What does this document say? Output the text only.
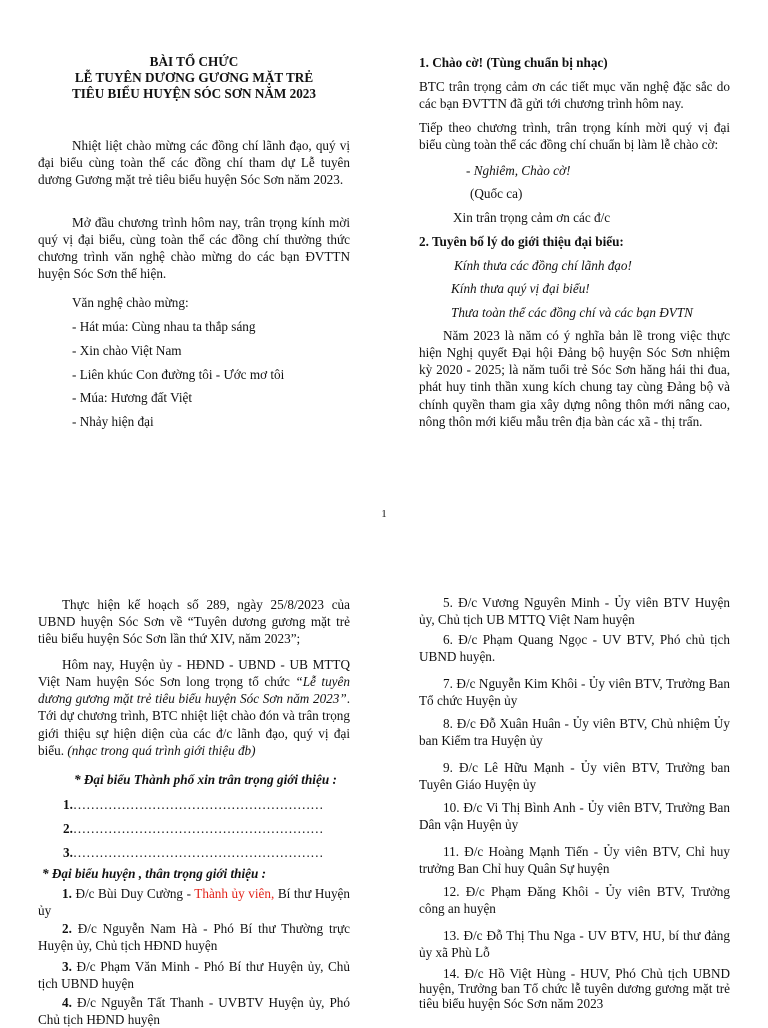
BÀI TỔ CHỨC
LỄ TUYÊN DƯƠNG GƯƠNG MẶT TRẺ
TIÊU BIỂU HUYỆN SÓC SƠN NĂM 2023

Nhiệt liệt chào mừng các đồng chí lãnh đạo, quý vị đại biểu cùng toàn thể các đồng chí tham dự Lễ tuyên dương Gương mặt trẻ tiêu biểu huyện Sóc Sơn năm 2023.

Mở đầu chương trình hôm nay, trân trọng kính mời quý vị đại biểu, cùng toàn thể các đồng chí thưởng thức chương trình văn nghệ chào mừng do các bạn ĐVTTN huyện Sóc Sơn thể hiện.

Văn nghệ chào mừng:

- Hát múa: Cùng nhau ta thắp sáng

- Xin chào Việt Nam

- Liên khúc Con đường tôi - Ước mơ tôi

- Múa: Hương đất Việt

- Nhảy hiện đại

1. Chào cờ! (Tùng chuẩn bị nhạc)

BTC trân trọng cảm ơn các tiết mục văn nghệ đặc sắc do các bạn ĐVTTN đã gửi tới chương trình hôm nay.

Tiếp theo chương trình, trân trọng kính mời quý vị đại biểu cùng toàn thể các đồng chí chuẩn bị làm lễ chào cờ:

- Nghiêm, Chào cờ!

(Quốc ca)

Xin trân trọng cảm ơn các đ/c

2. Tuyên bố lý do giới thiệu đại biểu:

Kính thưa các đồng chí lãnh đạo!

Kính thưa quý vị đại biểu!

Thưa toàn thể các đồng chí và các bạn ĐVTN

Năm 2023 là năm có ý nghĩa bản lề trong việc thực hiện Nghị quyết Đại hội Đảng bộ huyện Sóc Sơn nhiệm kỳ 2020 - 2025; là năm tuổi trẻ Sóc Sơn hăng hái thi đua, phát huy tinh thần xung kích chung tay cùng Đảng bộ và chính quyền tham gia xây dựng nông thôn mới nâng cao, nông thôn mới kiểu mẫu trên địa bàn các xã - thị trấn.

1

Thực hiện kế hoạch số 289, ngày 25/8/2023 của UBND huyện Sóc Sơn về “Tuyên dương gương mặt trẻ tiêu biểu huyện Sóc Sơn lần thứ XIV, năm 2023”;

Hôm nay, Huyện ủy - HĐND - UBND - UB MTTQ Việt Nam huyện Sóc Sơn long trọng tổ chức “Lễ tuyên dương gương mặt trẻ tiêu biểu huyện Sóc Sơn năm 2023”. Tới dự chương trình, BTC nhiệt liệt chào đón và trân trọng giới thiệu sự hiện diện của các đ/c lãnh đạo, quý vị đại biểu. (nhạc trong quá trình giới thiệu đb)

* Đại biểu Thành phố xin trân trọng giới thiệu :

1.…………………………………………………

2.…………………………………………………

3.…………………………………………………

* Đại biểu huyện , thân trọng giới thiệu :

1. Đ/c Bùi Duy Cường - Thành ủy viên, Bí thư Huyện ủy

2. Đ/c Nguyễn Nam Hà - Phó Bí thư Thường trực Huyện ủy, Chủ tịch HĐND huyện

3. Đ/c Phạm Văn Minh - Phó Bí thư Huyện ủy, Chủ tịch UBND huyện

4. Đ/c Nguyễn Tất Thanh - UVBTV Huyện ủy, Phó Chủ tịch HĐND huyện

5. Đ/c Vương Nguyên Minh - Ủy viên BTV Huyện ủy, Chủ tịch UB MTTQ Việt Nam huyện

6. Đ/c Phạm Quang Ngọc - UV BTV, Phó chủ tịch UBND huyện.

7. Đ/c Nguyễn Kim Khôi - Ủy viên BTV, Trưởng Ban Tổ chức Huyện ủy

8. Đ/c Đỗ Xuân Huân - Ủy viên BTV, Chủ nhiệm Ủy ban Kiểm tra Huyện ủy

9. Đ/c Lê Hữu Mạnh - Ủy viên BTV, Trưởng ban Tuyên Giáo Huyện ủy

10. Đ/c Vi Thị Bình Anh - Ủy viên BTV, Trưởng Ban Dân vận Huyện ủy

11. Đ/c Hoàng Mạnh Tiến - Ủy viên BTV, Chỉ huy trưởng Ban Chỉ huy Quân Sự huyện

12. Đ/c Phạm Đăng Khôi - Ủy viên BTV, Trưởng công an huyện

13. Đ/c Đỗ Thị Thu Nga - UV BTV, HU, bí thư đảng ủy xã Phù Lỗ

14. Đ/c Hồ Việt Hùng - HUV, Phó Chủ tịch UBND huyện, Trưởng ban Tổ chức lễ tuyên dương gương mặt trẻ tiêu biểu huyện Sóc Sơn năm 2023
